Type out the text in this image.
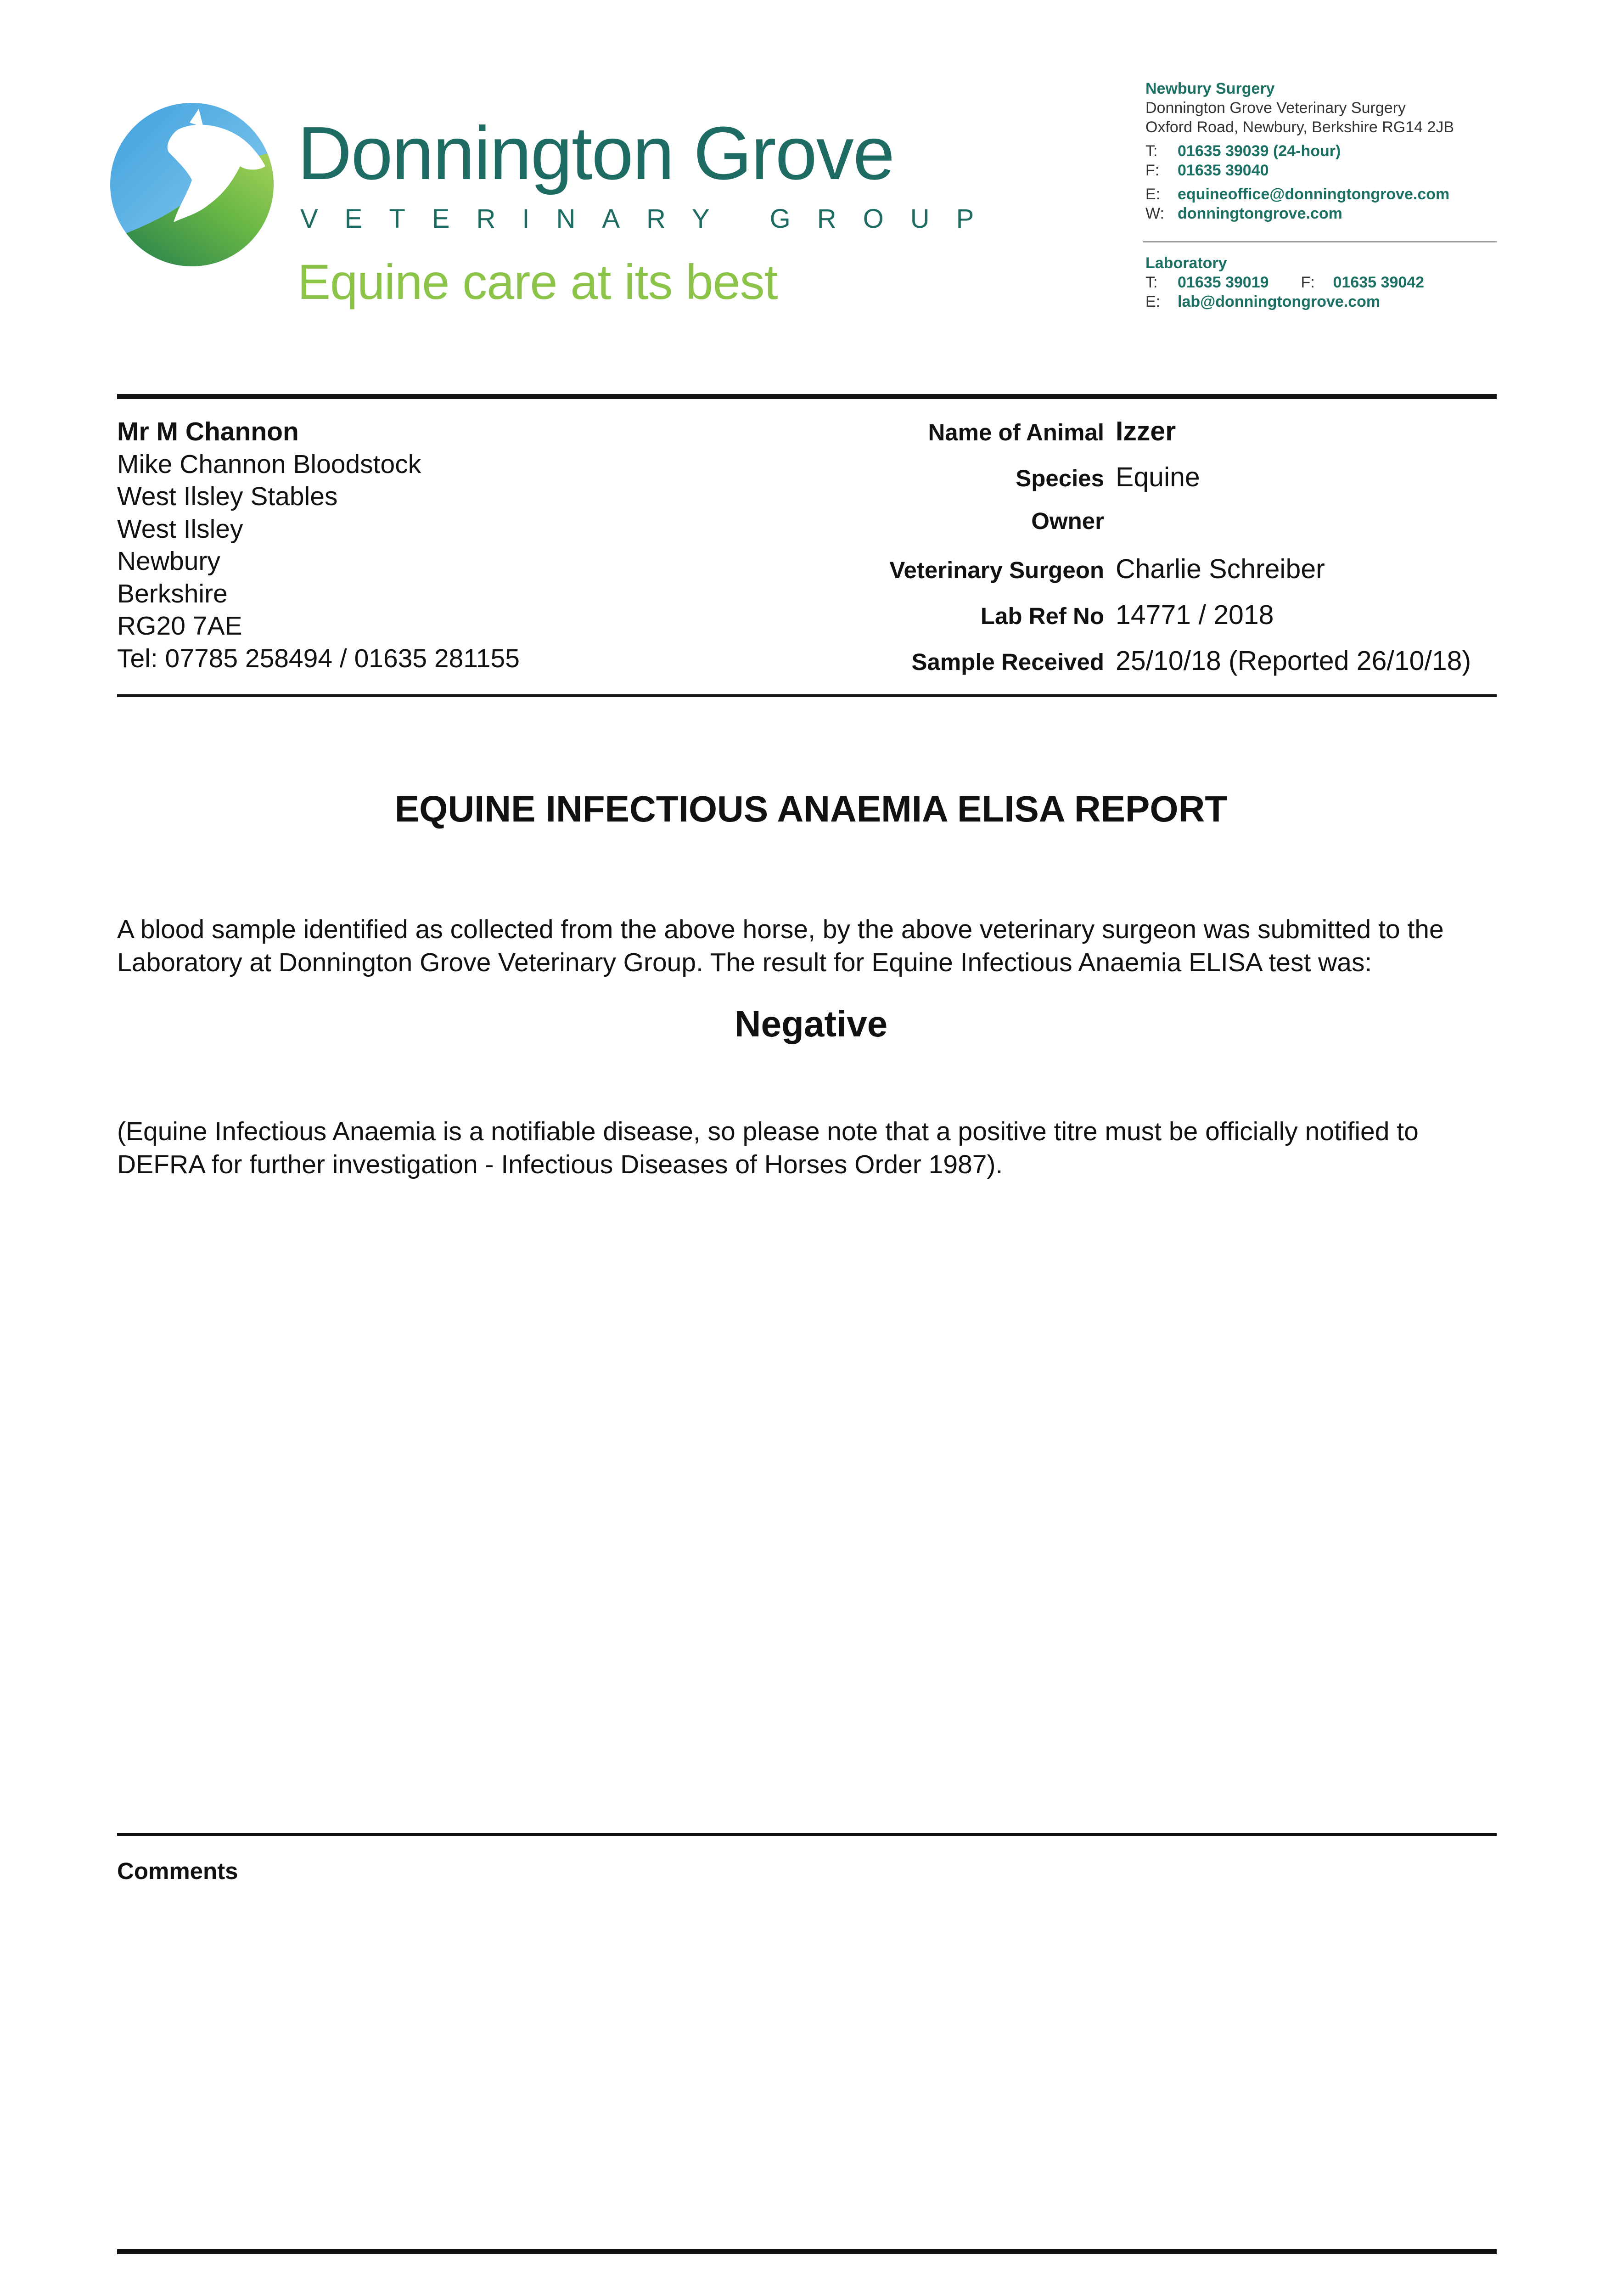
Donnington Grove
VETERINARY GROUP
Equine care at its best
Newbury Surgery
Donnington Grove Veterinary Surgery
Oxford Road, Newbury, Berkshire RG14 2JB
T: 01635 39039 (24-hour)
F: 01635 39040
E: equineoffice@donningtongrove.com
W: donningtongrove.com
Laboratory
T: 01635 39019 F: 01635 39042
E: lab@donningtongrove.com
Mr M Channon
Mike Channon Bloodstock
West Ilsley Stables
West Ilsley
Newbury
Berkshire
RG20 7AE
Tel: 07785 258494 / 01635 281155
Name of Animal Izzer
Species Equine
Owner
Veterinary Surgeon Charlie Schreiber
Lab Ref No 14771 / 2018
Sample Received 25/10/18 (Reported 26/10/18)
EQUINE INFECTIOUS ANAEMIA ELISA REPORT
A blood sample identified as collected from the above horse, by the above veterinary surgeon was submitted to the Laboratory at Donnington Grove Veterinary Group. The result for Equine Infectious Anaemia ELISA test was:
Negative
(Equine Infectious Anaemia is a notifiable disease, so please note that a positive titre must be officially notified to DEFRA for further investigation - Infectious Diseases of Horses Order 1987).
Comments
